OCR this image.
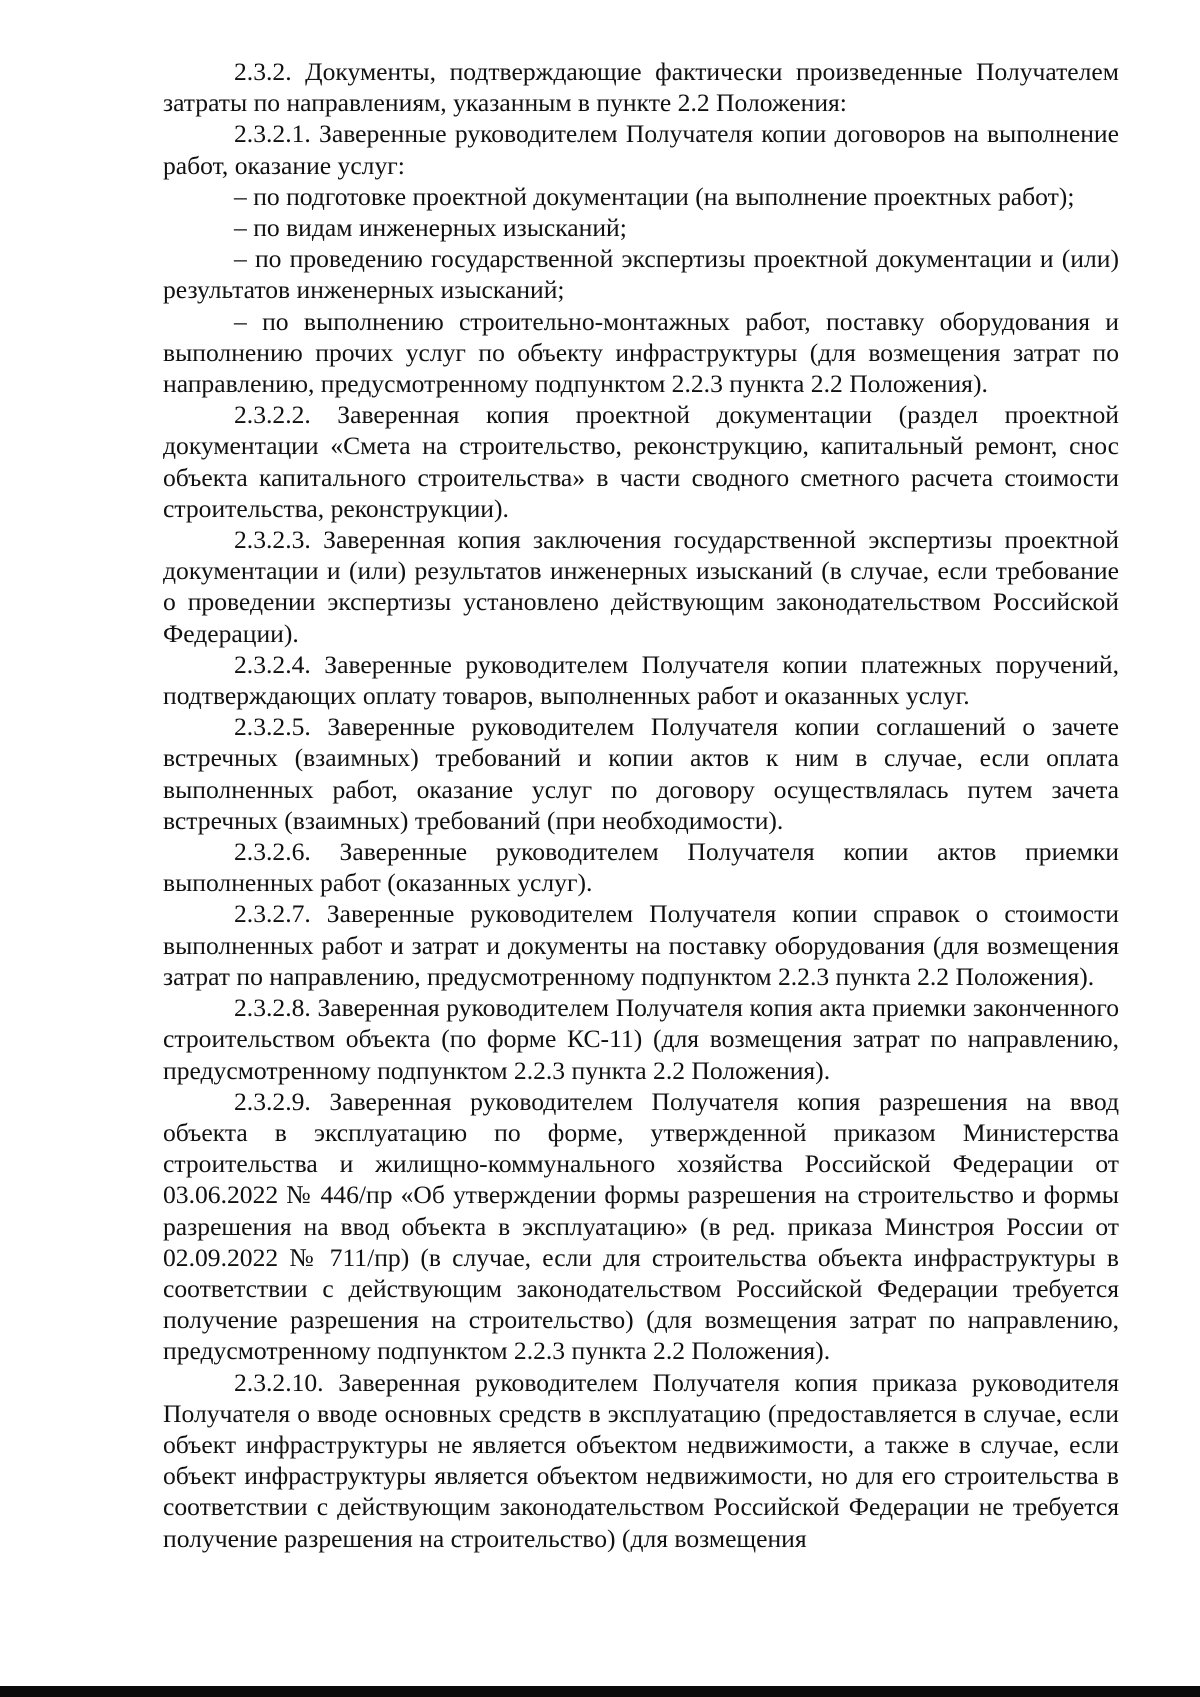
2.3.2. Документы, подтверждающие фактически произведенные Получателем затраты по направлениям, указанным в пункте 2.2 Положения:

2.3.2.1. Заверенные руководителем Получателя копии договоров на выполнение работ, оказание услуг:

– по подготовке проектной документации (на выполнение проектных работ);

– по видам инженерных изысканий;

– по проведению государственной экспертизы проектной документации и (или) результатов инженерных изысканий;

– по выполнению строительно-монтажных работ, поставку оборудования и выполнению прочих услуг по объекту инфраструктуры (для возмещения затрат по направлению, предусмотренному подпунктом 2.2.3 пункта 2.2 Положения).

2.3.2.2. Заверенная копия проектной документации (раздел проектной документации «Смета на строительство, реконструкцию, капитальный ремонт, снос объекта капитального строительства» в части сводного сметного расчета стоимости строительства, реконструкции).

2.3.2.3. Заверенная копия заключения государственной экспертизы проектной документации и (или) результатов инженерных изысканий (в случае, если требование о проведении экспертизы установлено действующим законодательством Российской Федерации).

2.3.2.4. Заверенные руководителем Получателя копии платежных поручений, подтверждающих оплату товаров, выполненных работ и оказанных услуг.

2.3.2.5. Заверенные руководителем Получателя копии соглашений о зачете встречных (взаимных) требований и копии актов к ним в случае, если оплата выполненных работ, оказание услуг по договору осуществлялась путем зачета встречных (взаимных) требований (при необходимости).

2.3.2.6. Заверенные руководителем Получателя копии актов приемки выполненных работ (оказанных услуг).

2.3.2.7. Заверенные руководителем Получателя копии справок о стоимости выполненных работ и затрат и документы на поставку оборудования (для возмещения затрат по направлению, предусмотренному подпунктом 2.2.3 пункта 2.2 Положения).

2.3.2.8. Заверенная руководителем Получателя копия акта приемки законченного строительством объекта (по форме КС-11) (для возмещения затрат по направлению, предусмотренному подпунктом 2.2.3 пункта 2.2 Положения).

2.3.2.9. Заверенная руководителем Получателя копия разрешения на ввод объекта в эксплуатацию по форме, утвержденной приказом Министерства строительства и жилищно-коммунального хозяйства Российской Федерации от 03.06.2022 № 446/пр «Об утверждении формы разрешения на строительство и формы разрешения на ввод объекта в эксплуатацию» (в ред. приказа Минстроя России от 02.09.2022 № 711/пр) (в случае, если для строительства объекта инфраструктуры в соответствии с действующим законодательством Российской Федерации требуется получение разрешения на строительство) (для возмещения затрат по направлению, предусмотренному подпунктом 2.2.3 пункта 2.2 Положения).

2.3.2.10. Заверенная руководителем Получателя копия приказа руководителя Получателя о вводе основных средств в эксплуатацию (предоставляется в случае, если объект инфраструктуры не является объектом недвижимости, а также в случае, если объект инфраструктуры является объектом недвижимости, но для его строительства в соответствии с действующим законодательством Российской Федерации не требуется получение разрешения на строительство) (для возмещения
